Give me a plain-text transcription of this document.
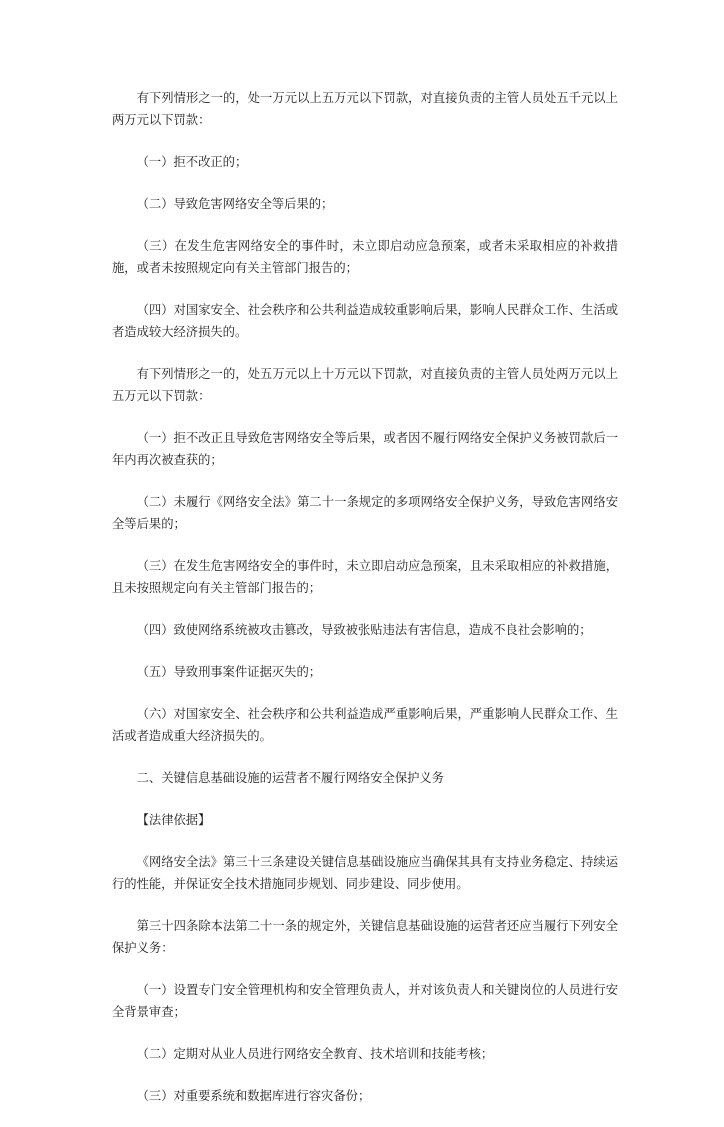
有下列情形之一的，处一万元以上五万元以下罚款，对直接负责的主管人员处五千元以上两万元以下罚款：

（一）拒不改正的；

（二）导致危害网络安全等后果的；

（三）在发生危害网络安全的事件时，未立即启动应急预案，或者未采取相应的补救措施，或者未按照规定向有关主管部门报告的；

（四）对国家安全、社会秩序和公共利益造成较重影响后果，影响人民群众工作、生活或者造成较大经济损失的。

有下列情形之一的，处五万元以上十万元以下罚款，对直接负责的主管人员处两万元以上五万元以下罚款：

（一）拒不改正且导致危害网络安全等后果，或者因不履行网络安全保护义务被罚款后一年内再次被查获的；

（二）未履行《网络安全法》第二十一条规定的多项网络安全保护义务，导致危害网络安全等后果的；

（三）在发生危害网络安全的事件时，未立即启动应急预案，且未采取相应的补救措施，且未按照规定向有关主管部门报告的；

（四）致使网络系统被攻击篡改，导致被张贴违法有害信息，造成不良社会影响的；

（五）导致刑事案件证据灭失的；

（六）对国家安全、社会秩序和公共利益造成严重影响后果，严重影响人民群众工作、生活或者造成重大经济损失的。

二、关键信息基础设施的运营者不履行网络安全保护义务

【法律依据】

《网络安全法》第三十三条建设关键信息基础设施应当确保其具有支持业务稳定、持续运行的性能，并保证安全技术措施同步规划、同步建设、同步使用。

第三十四条除本法第二十一条的规定外，关键信息基础设施的运营者还应当履行下列安全保护义务：

（一）设置专门安全管理机构和安全管理负责人，并对该负责人和关键岗位的人员进行安全背景审查；

（二）定期对从业人员进行网络安全教育、技术培训和技能考核；

（三）对重要系统和数据库进行容灾备份；
